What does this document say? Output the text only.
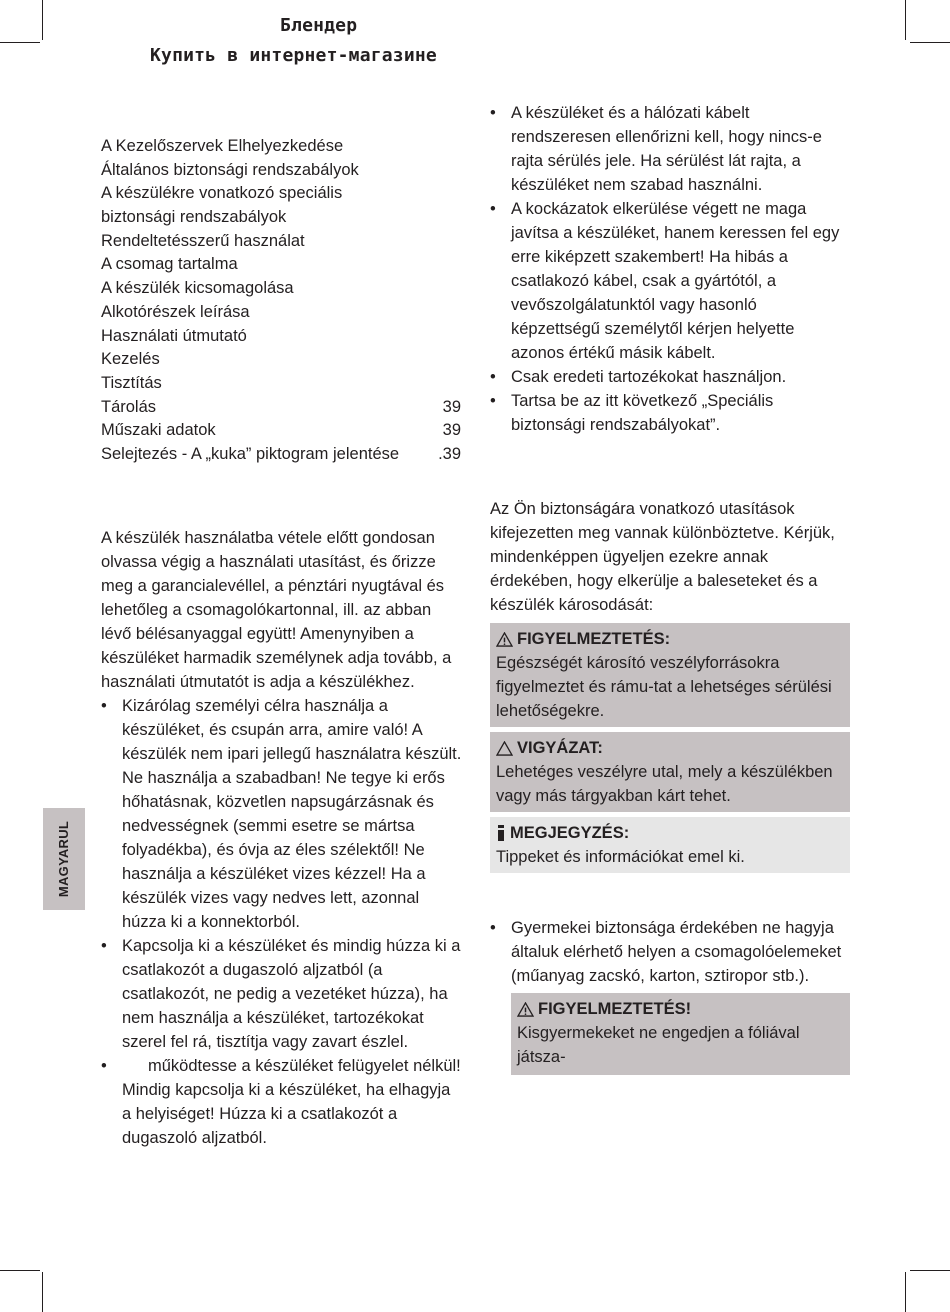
Блендер
Купить в интернет-магазине
A Kezelőszervek Elhelyezkedése
Általános biztonsági rendszabályok
A készülékre vonatkozó speciális
biztonsági rendszabályok
Rendeltetésszerű használat
A csomag tartalma
A készülék kicsomagolása
Alkotórészek leírása
Használati útmutató
Kezelés
Tisztítás
Tárolás	39
Műszaki adatok	39
Selejtezés - A „kuka” piktogram jelentése .39

A készülék használatba vétele előtt gondosan olvassa végig a használati utasítást, és őrizze meg a garancialevéllel, a pénztári nyugtával és lehetőleg a csomagolókartonnal, ill. az abban lévő bélésanyaggal együtt! Amenynyiben a készüléket harmadik személynek adja tovább, a használati útmutatót is adja a készülékhez.

• Kizárólag személyi célra használja a készüléket, és csupán arra, amire való! A készülék nem ipari jellegű használatra készült.

Ne használja a szabadban! Ne tegye ki erős hőhatásnak, közvetlen napsugárzásnak és nedvességnek (semmi esetre se mártsa folyadékba), és óvja az éles szélektől! Ne használja a készüléket vizes kézzel! Ha a készülék vizes vagy nedves lett, azonnal húzza ki a konnektorból.

• Kapcsolja ki a készüléket és mindig húzza ki a csatlakozót a dugaszoló aljzatból (a csatlakozót, ne pedig a vezetéket húzza), ha nem használja a készüléket, tartozékokat szerel fel rá, tisztítja vagy zavart észlel.

•	működtesse a készüléket felügyelet nélkül! Mindig kapcsolja ki a készüléket, ha elhagyja a helyiséget! Húzza ki a csatlakozót a dugaszoló aljzatból.

• A készüléket és a hálózati kábelt rendszeresen ellenőrizni kell, hogy nincs-e rajta sérülés jele. Ha sérülést lát rajta, a készüléket nem szabad használni.

• A kockázatok elkerülése végett ne maga javítsa a készüléket, hanem keressen fel egy erre kiképzett szakembert! Ha hibás a csatlakozó kábel, csak a gyártótól, a vevőszolgálatunktól vagy hasonló képzettségű személytől kérjen helyette azonos értékű másik kábelt.

• Csak eredeti tartozékokat használjon.

• Tartsa be az itt következő „Speciális biztonsági rendszabályokat”.

Az Ön biztonságára vonatkozó utasítások kifejezetten meg vannak különböztetve. Kérjük, mindenképpen ügyeljen ezekre annak érdekében, hogy elkerülje a baleseteket és a készülék károsodását:

FIGYELMEZTETÉS:

Egészségét károsító veszélyforrásokra figyelmeztet és rámu-tat a lehetséges sérülési lehetőségekre.

VIGYÁZAT:

Lehetéges veszélyre utal, mely a készülékben vagy más tárgyakban kárt tehet.

MEGJEGYZÉS:

Tippeket és információkat emel ki.

• Gyermekei biztonsága érdekében ne hagyja általuk elérhető helyen a csomagolóelemeket (műanyag zacskó, karton, sztiropor stb.).

FIGYELMEZTETÉS!

Kisgyermekeket ne engedjen a fóliával játsza-

MAGYARUL
